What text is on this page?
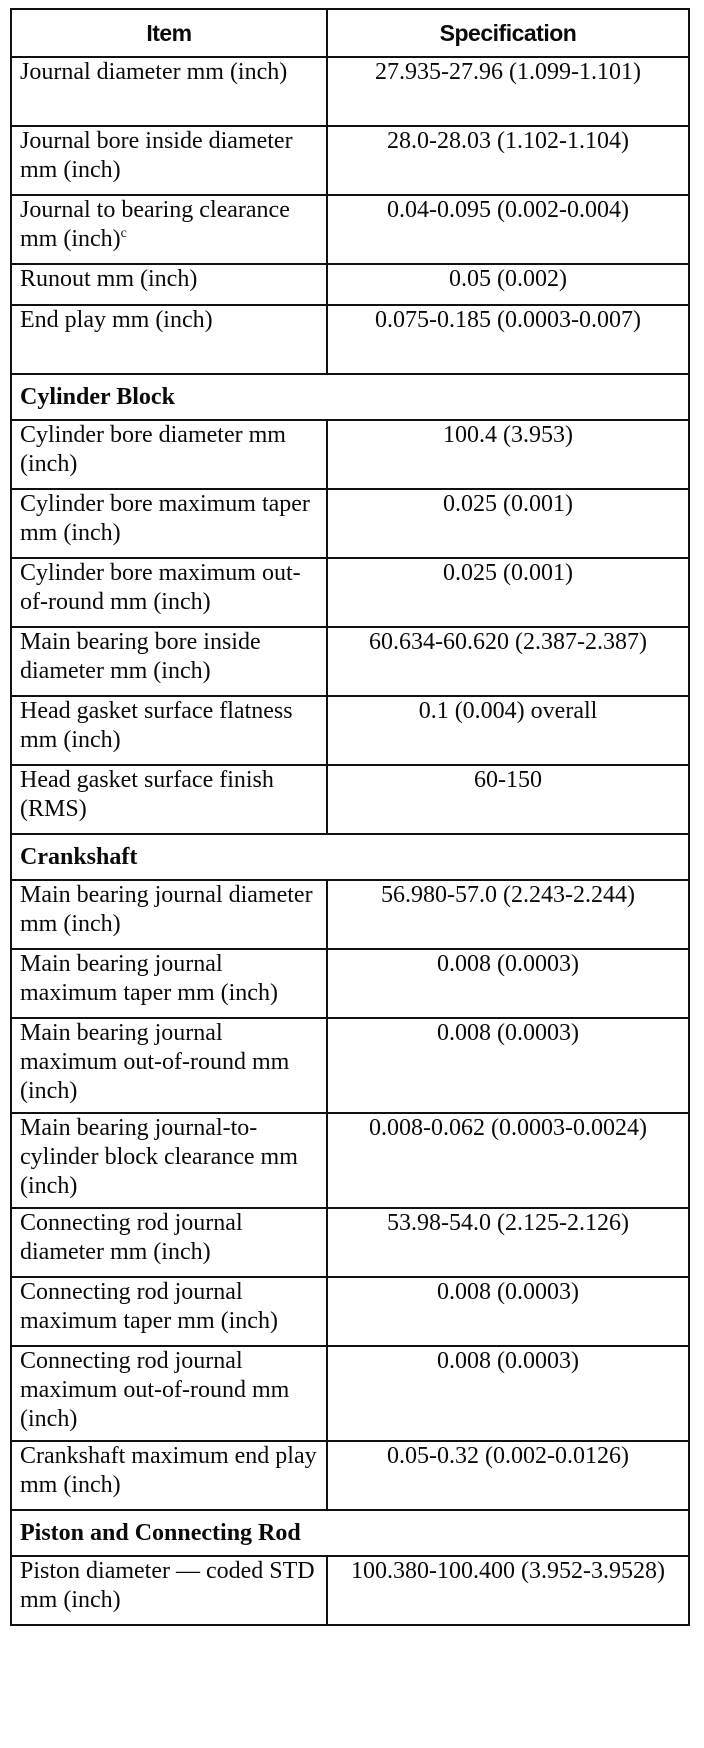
Item	Specification
Journal diameter mm (inch)	27.935-27.96 (1.099-1.101)
Journal bore inside diameter mm (inch)	28.0-28.03 (1.102-1.104)
Journal to bearing clearance mm (inch)$^c$	0.04-0.095 (0.002-0.004)
Runout mm (inch)	0.05 (0.002)
End play mm (inch)	0.075-0.185 (0.0003-0.007)
Cylinder Block	
Cylinder bore diameter mm (inch)	100.4 (3.953)
Cylinder bore maximum taper mm (inch)	0.025 (0.001)
Cylinder bore maximum out-of-round mm (inch)	0.025 (0.001)
Main bearing bore inside diameter mm (inch)	60.634-60.620 (2.387-2.387)
Head gasket surface flatness mm (inch)	0.1 (0.004) overall
Head gasket surface finish (RMS)	60-150
Crankshaft	
Main bearing journal diameter mm (inch)	56.980-57.0 (2.243-2.244)
Main bearing journal maximum taper mm (inch)	0.008 (0.0003)
Main bearing journal maximum out-of-round mm (inch)	0.008 (0.0003)
Main bearing journal-to-cylinder block clearance mm (inch)	0.008-0.062 (0.0003-0.0024)
Connecting rod journal diameter mm (inch)	53.98-54.0 (2.125-2.126)
Connecting rod journal maximum taper mm (inch)	0.008 (0.0003)
Connecting rod journal maximum out-of-round mm (inch)	0.008 (0.0003)
Crankshaft maximum end play mm (inch)	0.05-0.32 (0.002-0.0126)
Piston and Connecting Rod	
Piston diameter — coded STD mm (inch)	100.380-100.400 (3.952-3.9528)
